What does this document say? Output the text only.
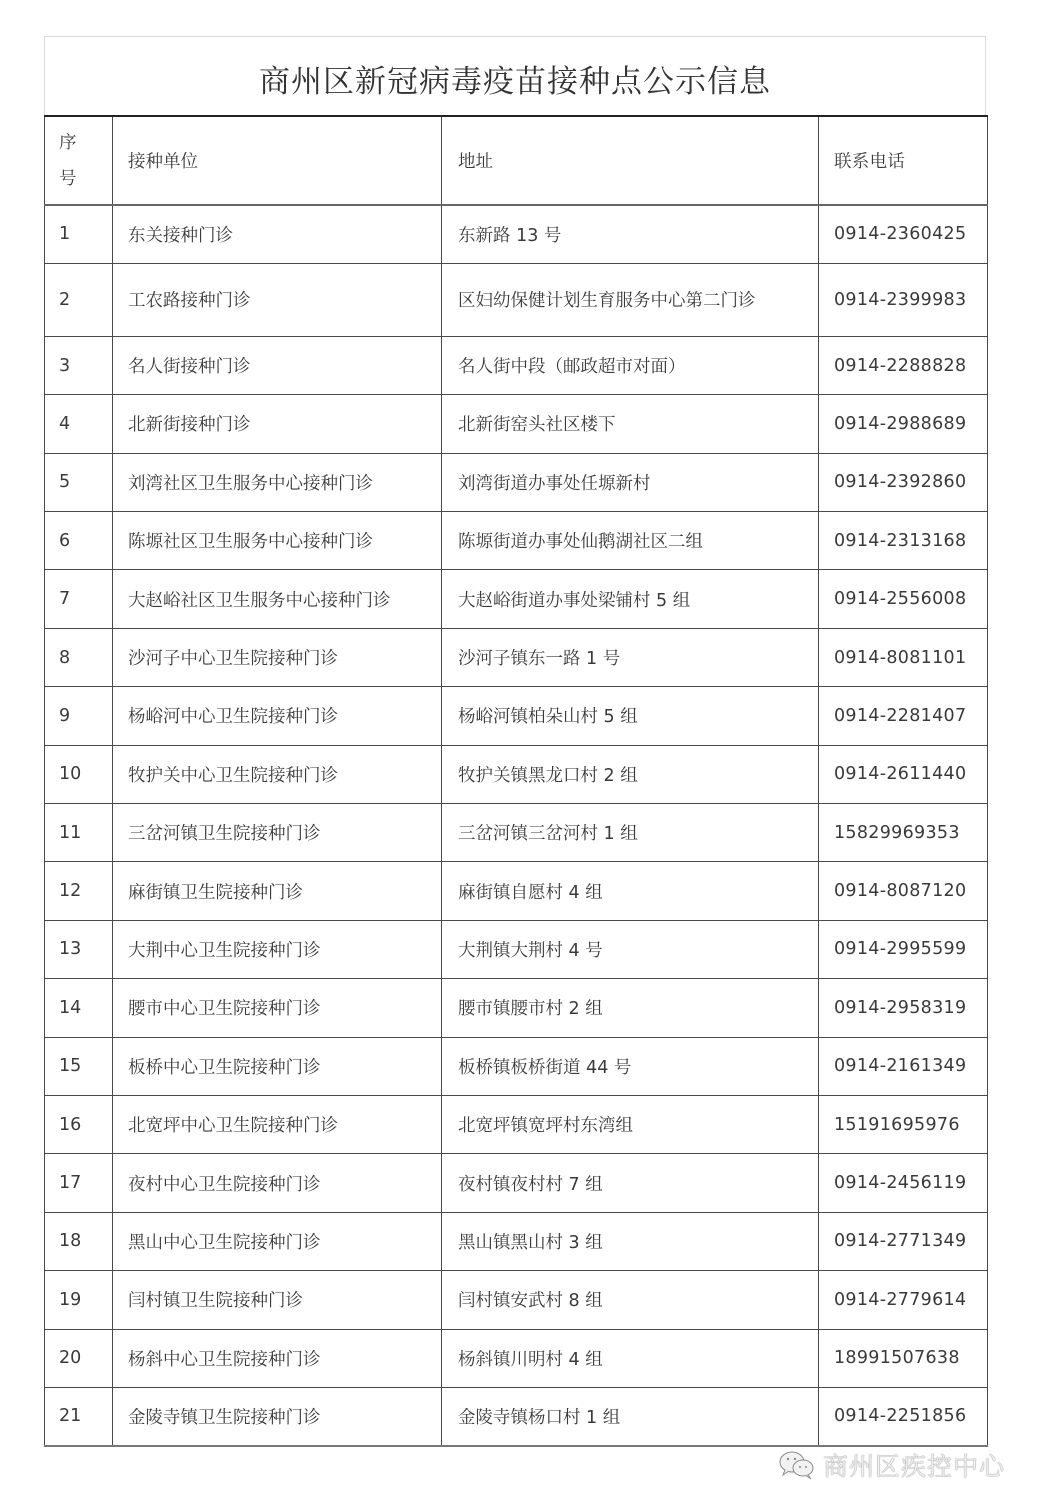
商州区新冠病毒疫苗接种点公示信息
序
号	接种单位	地址	联系电话
1	东关接种门诊	东新路 13 号	0914-2360425
2	工农路接种门诊	区妇幼保健计划生育服务中心第二门诊	0914-2399983
3	名人街接种门诊	名人街中段（邮政超市对面）	0914-2288828
4	北新街接种门诊	北新街窑头社区楼下	0914-2988689
5	刘湾社区卫生服务中心接种门诊	刘湾街道办事处任塬新村	0914-2392860
6	陈塬社区卫生服务中心接种门诊	陈塬街道办事处仙鹅湖社区二组	0914-2313168
7	大赵峪社区卫生服务中心接种门诊	大赵峪街道办事处梁铺村 5 组	0914-2556008
8	沙河子中心卫生院接种门诊	沙河子镇东一路 1 号	0914-8081101
9	杨峪河中心卫生院接种门诊	杨峪河镇柏朵山村 5 组	0914-2281407
10	牧护关中心卫生院接种门诊	牧护关镇黑龙口村 2 组	0914-2611440
11	三岔河镇卫生院接种门诊	三岔河镇三岔河村 1 组	15829969353
12	麻街镇卫生院接种门诊	麻街镇自愿村 4 组	0914-8087120
13	大荆中心卫生院接种门诊	大荆镇大荆村 4 号	0914-2995599
14	腰市中心卫生院接种门诊	腰市镇腰市村 2 组	0914-2958319
15	板桥中心卫生院接种门诊	板桥镇板桥街道 44 号	0914-2161349
16	北宽坪中心卫生院接种门诊	北宽坪镇宽坪村东湾组	15191695976
17	夜村中心卫生院接种门诊	夜村镇夜村村 7 组	0914-2456119
18	黑山中心卫生院接种门诊	黑山镇黑山村 3 组	0914-2771349
19	闫村镇卫生院接种门诊	闫村镇安武村 8 组	0914-2779614
20	杨斜中心卫生院接种门诊	杨斜镇川明村 4 组	18991507638
21	金陵寺镇卫生院接种门诊	金陵寺镇杨口村 1 组	0914-2251856
商州区疾控中心
